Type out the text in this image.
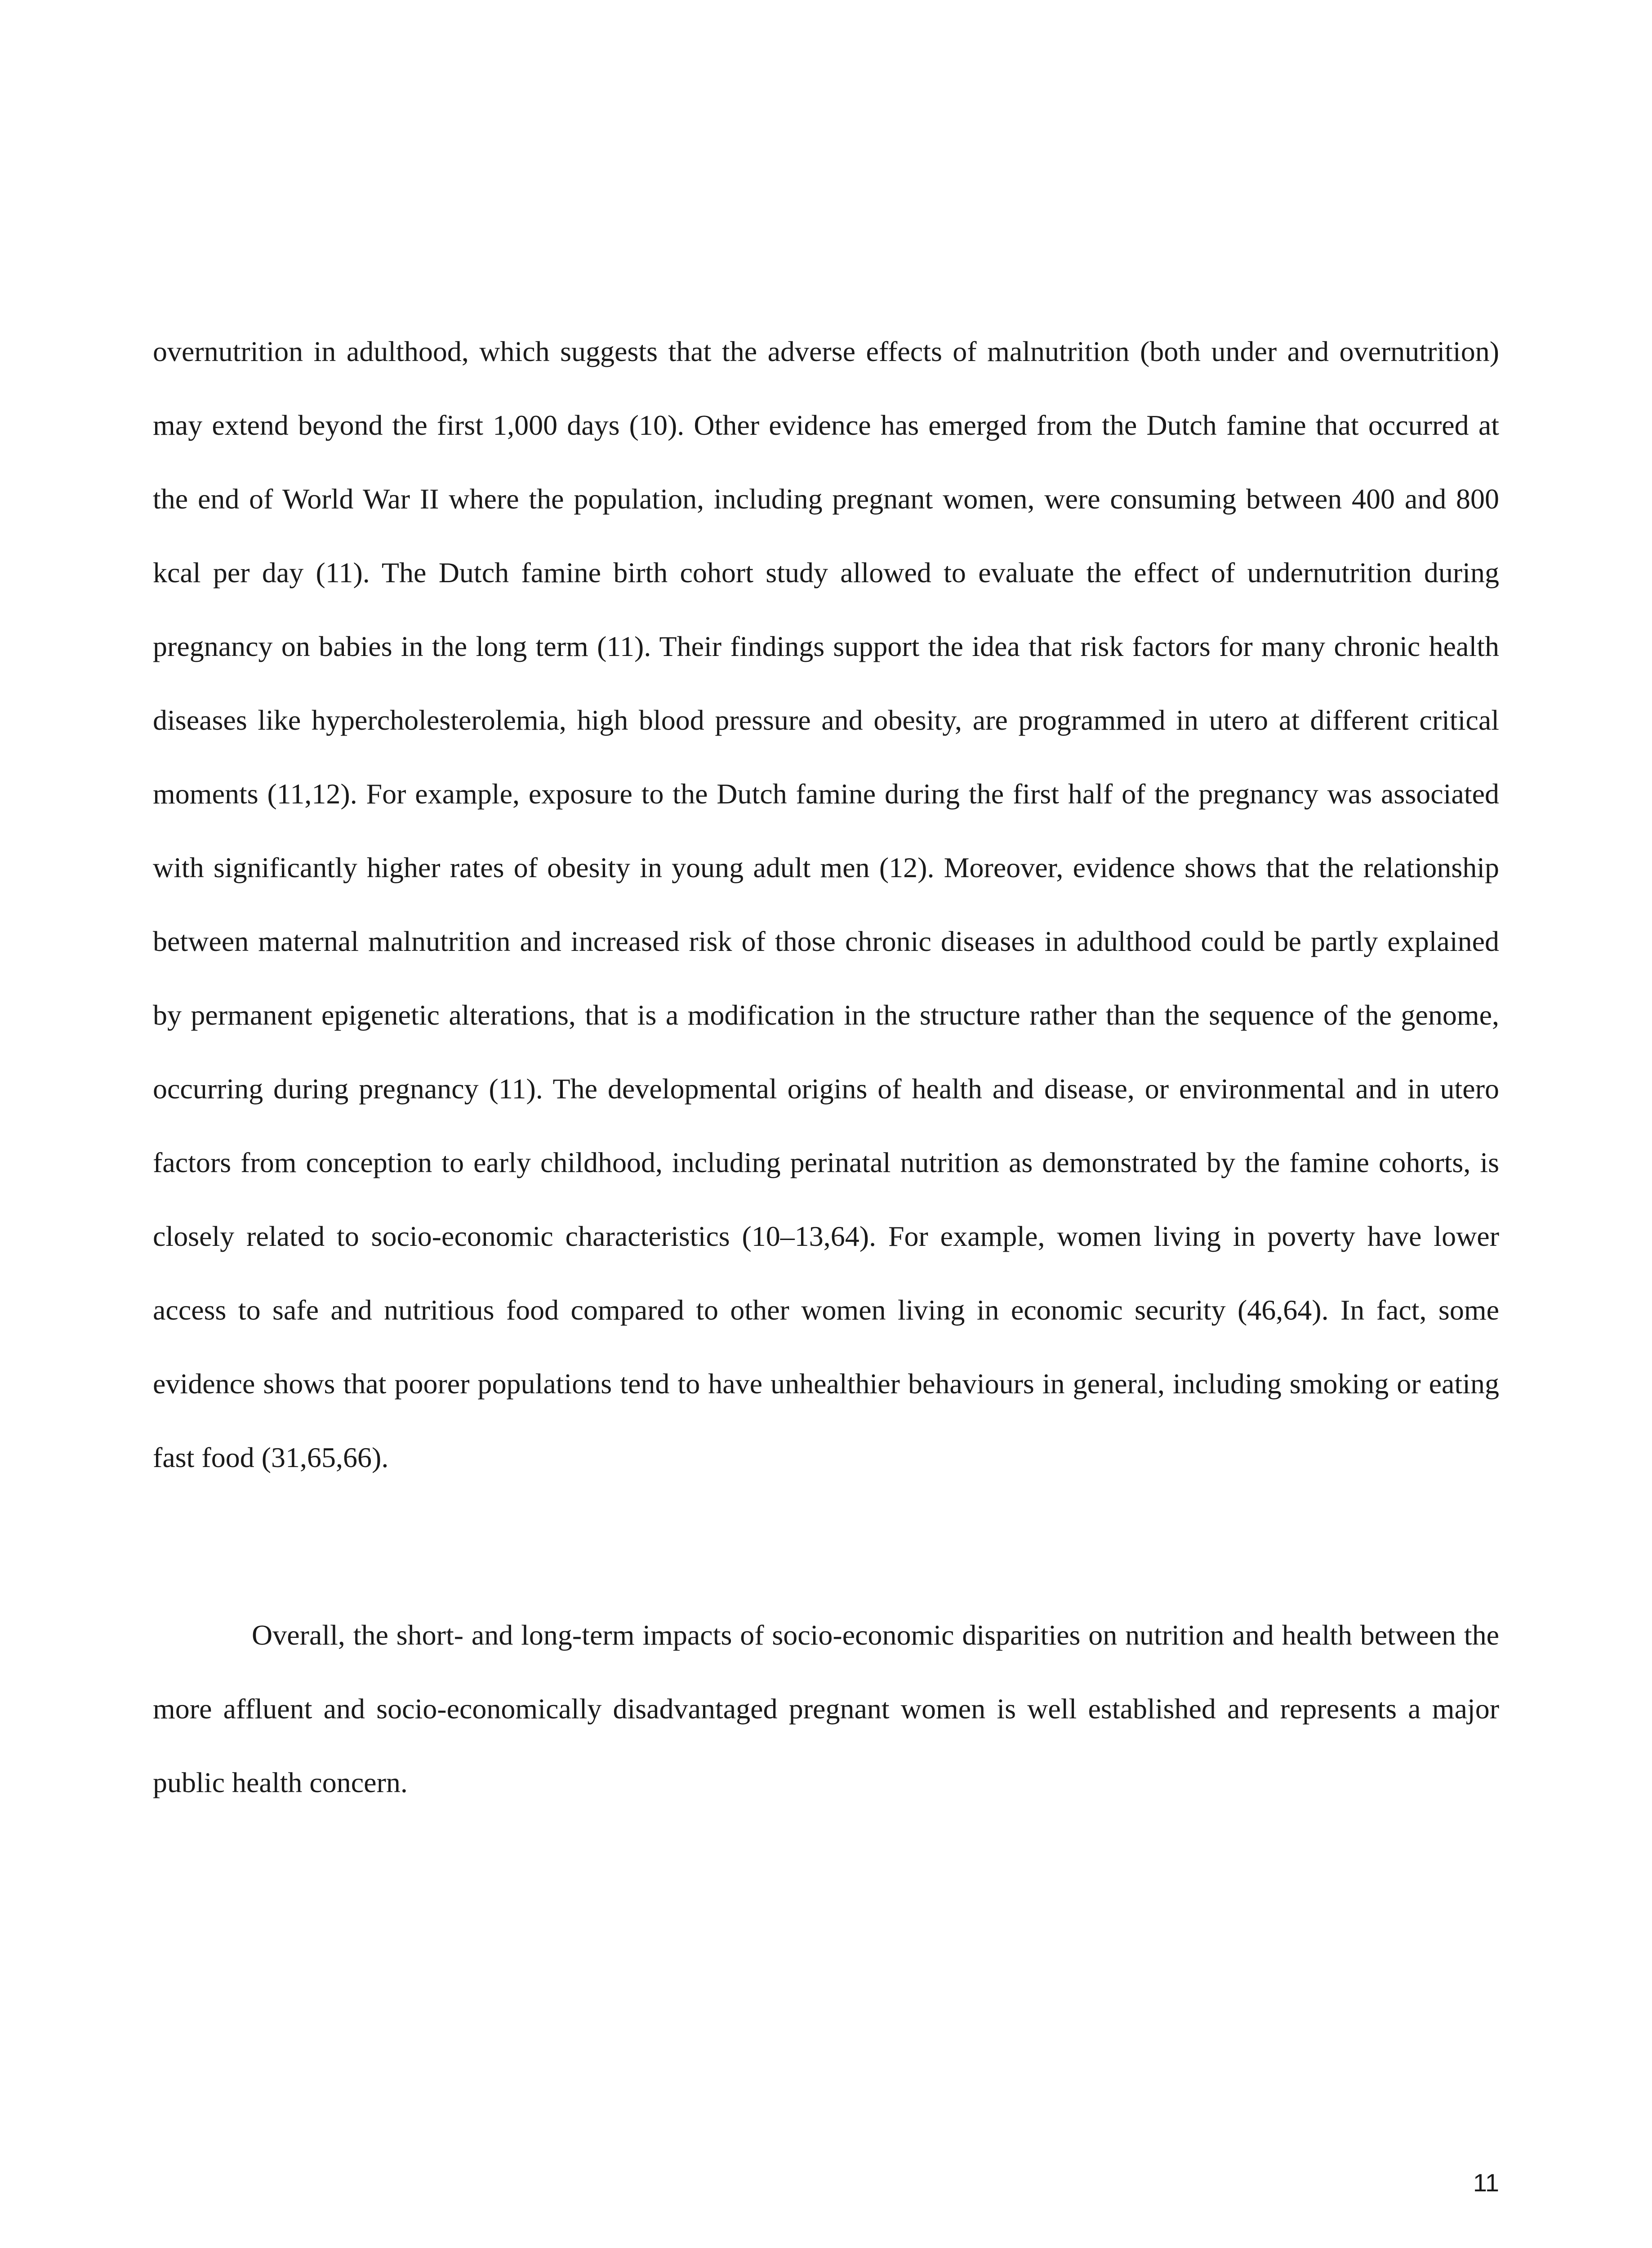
overnutrition in adulthood, which suggests that the adverse effects of malnutrition (both under and overnutrition) may extend beyond the first 1,000 days (10). Other evidence has emerged from the Dutch famine that occurred at the end of World War II where the population, including pregnant women, were consuming between 400 and 800 kcal per day (11). The Dutch famine birth cohort study allowed to evaluate the effect of undernutrition during pregnancy on babies in the long term (11). Their findings support the idea that risk factors for many chronic health diseases like hypercholesterolemia, high blood pressure and obesity, are programmed in utero at different critical moments (11,12). For example, exposure to the Dutch famine during the first half of the pregnancy was associated with significantly higher rates of obesity in young adult men (12). Moreover, evidence shows that the relationship between maternal malnutrition and increased risk of those chronic diseases in adulthood could be partly explained by permanent epigenetic alterations, that is a modification in the structure rather than the sequence of the genome, occurring during pregnancy (11). The developmental origins of health and disease, or environmental and in utero factors from conception to early childhood, including perinatal nutrition as demonstrated by the famine cohorts, is closely related to socio-economic characteristics (10–13,64). For example, women living in poverty have lower access to safe and nutritious food compared to other women living in economic security (46,64). In fact, some evidence shows that poorer populations tend to have unhealthier behaviours in general, including smoking or eating fast food (31,65,66).

Overall, the short- and long-term impacts of socio-economic disparities on nutrition and health between the more affluent and socio-economically disadvantaged pregnant women is well established and represents a major public health concern.

11
